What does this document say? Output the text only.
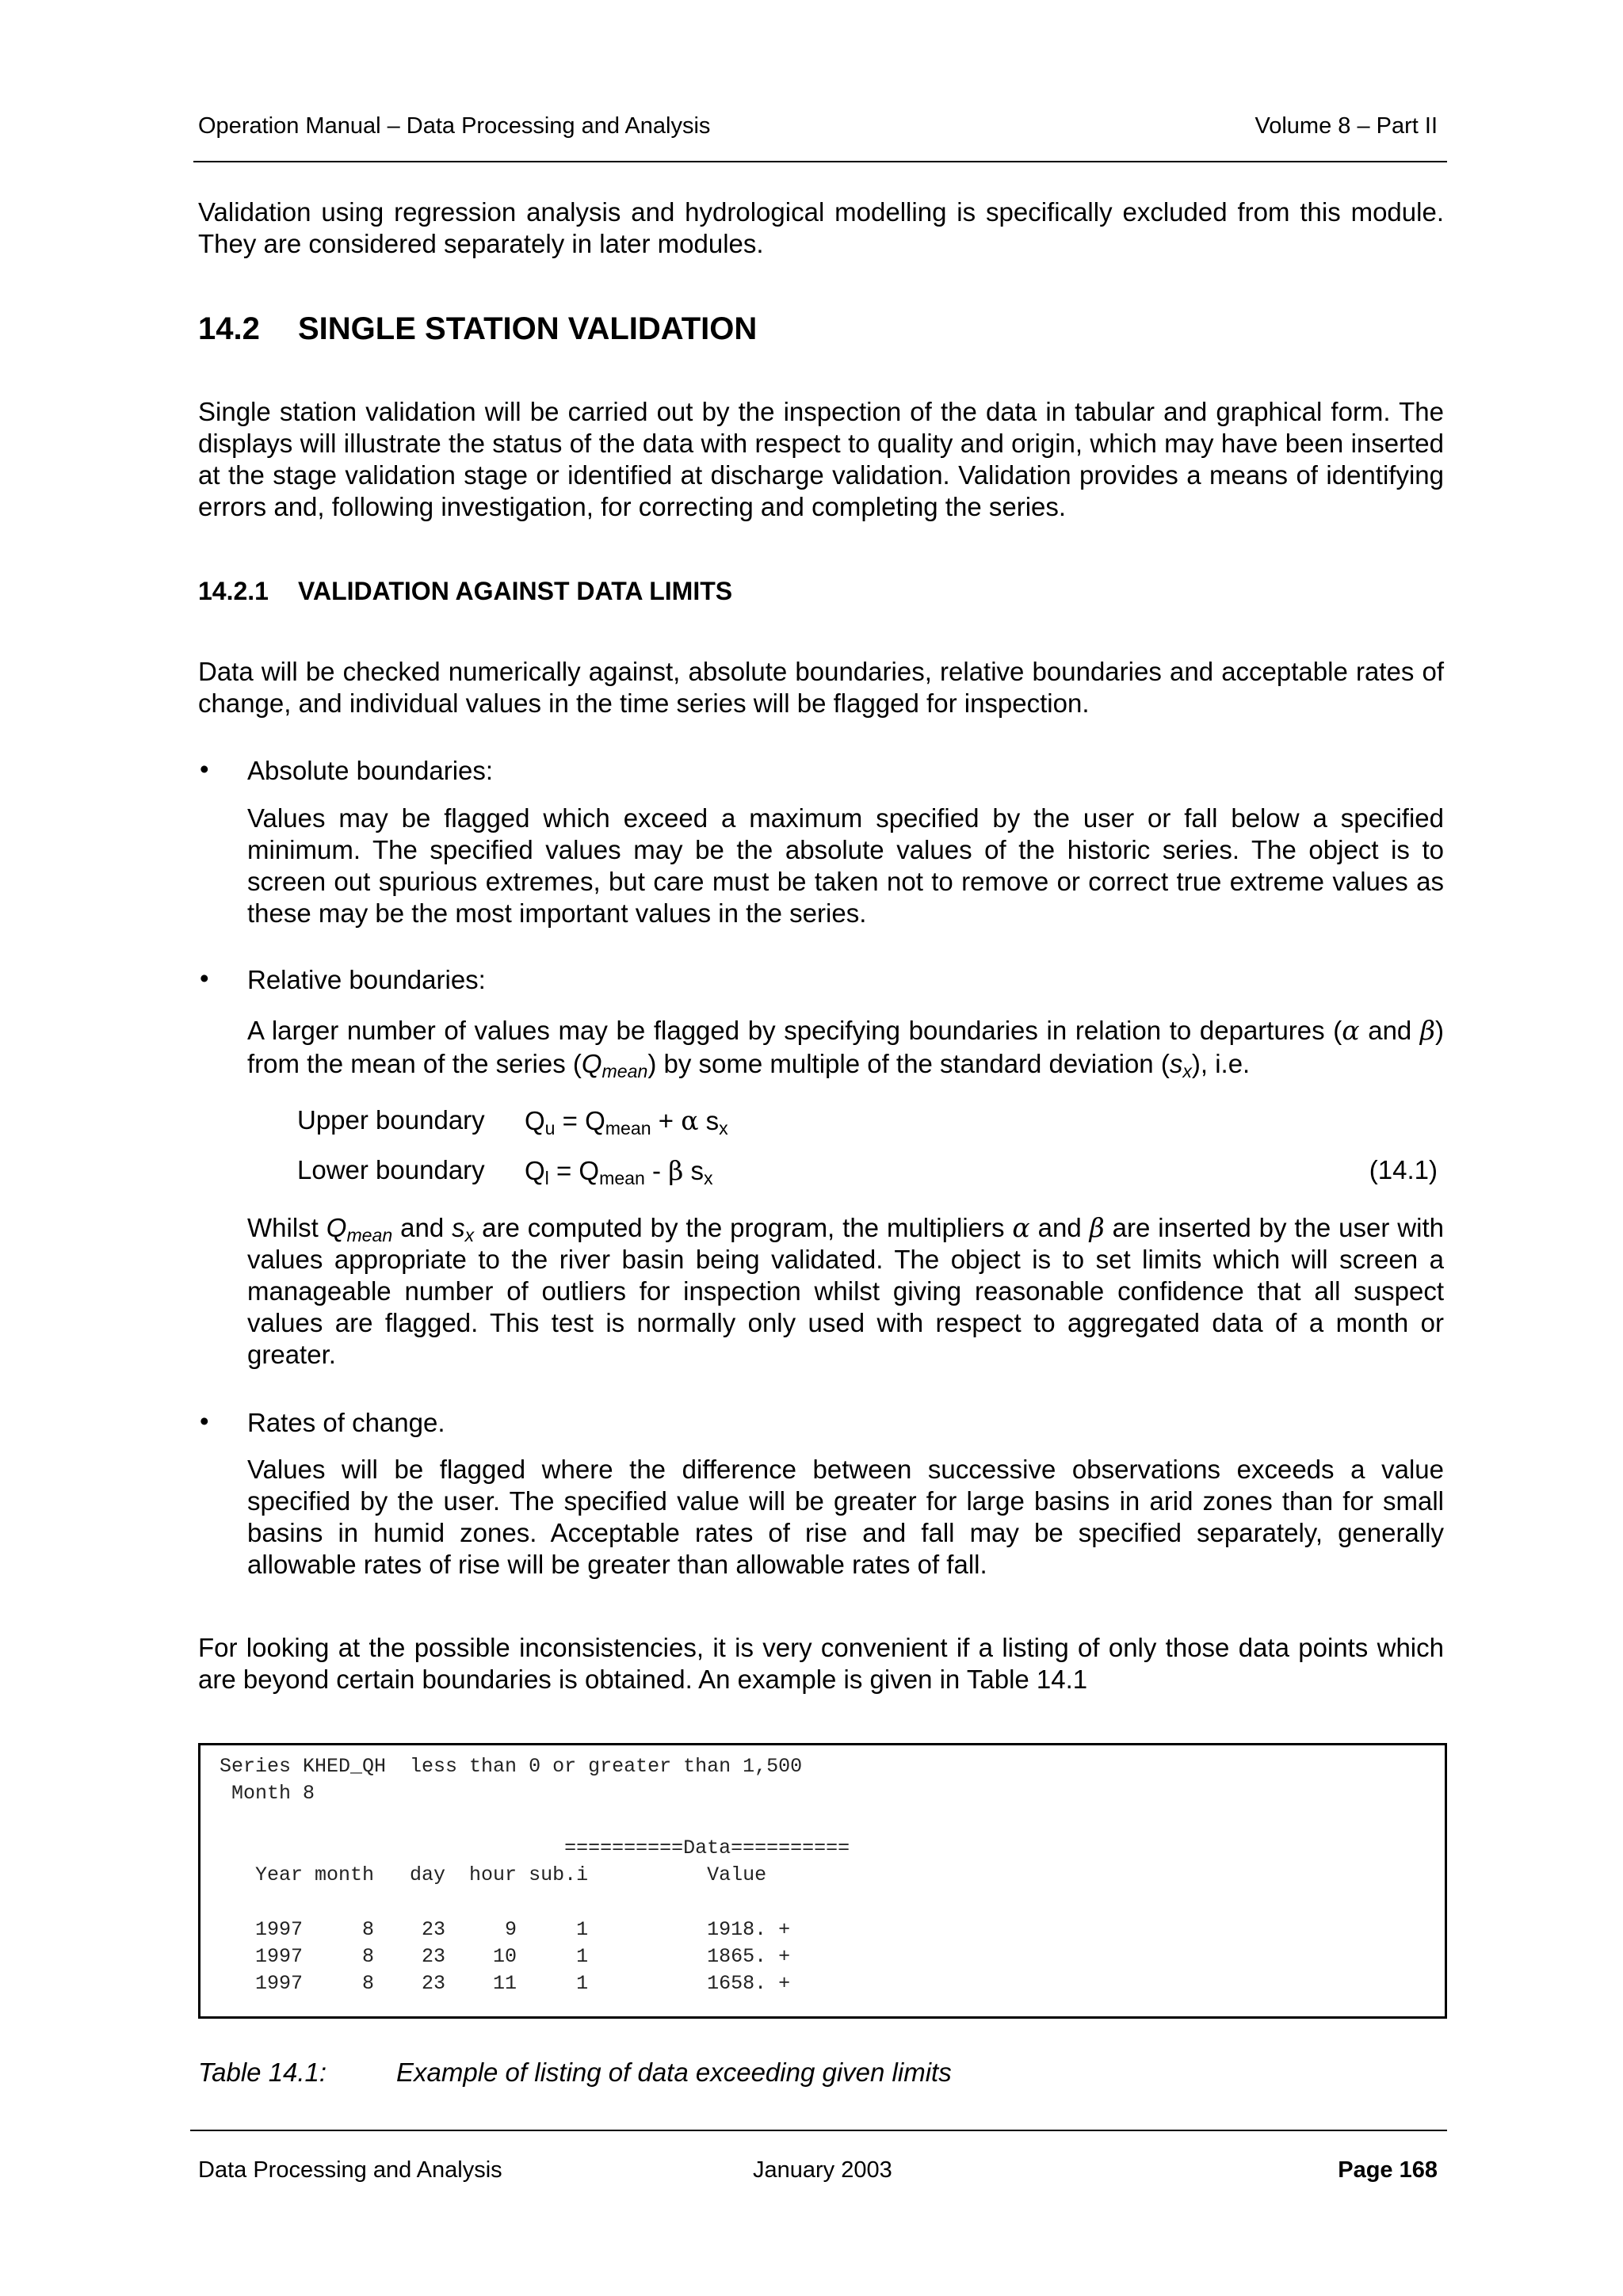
Operation Manual – Data Processing and Analysis	Volume 8 – Part II

Validation using regression analysis and hydrological modelling is specifically excluded from this module. They are considered separately in later modules.

14.2 SINGLE STATION VALIDATION

Single station validation will be carried out by the inspection of the data in tabular and graphical form. The displays will illustrate the status of the data with respect to quality and origin, which may have been inserted at the stage validation stage or identified at discharge validation. Validation provides a means of identifying errors and, following investigation, for correcting and completing the series.

14.2.1 VALIDATION AGAINST DATA LIMITS

Data will be checked numerically against, absolute boundaries, relative boundaries and acceptable rates of change, and individual values in the time series will be flagged for inspection.

• Absolute boundaries:

Values may be flagged which exceed a maximum specified by the user or fall below a specified minimum. The specified values may be the absolute values of the historic series. The object is to screen out spurious extremes, but care must be taken not to remove or correct true extreme values as these may be the most important values in the series.

• Relative boundaries:

A larger number of values may be flagged by specifying boundaries in relation to departures (α and β) from the mean of the series $(Q_{mean})$ by some multiple of the standard deviation $(s_x)$, i.e.

Upper boundary $Q_u = Q_{mean} + \alpha$ $s_x$
Lower boundary $Q_l = Q_{mean} - \beta$ $s_x$	(14.1)

Whilst $Q_{mean}$ and $s_x$ are computed by the program, the multipliers α and β are inserted by the user with values appropriate to the river basin being validated. The object is to set limits which will screen a manageable number of outliers for inspection whilst giving reasonable confidence that all suspect values are flagged. This test is normally only used with respect to aggregated data of a month or greater.

• Rates of change.

Values will be flagged where the difference between successive observations exceeds a value specified by the user. The specified value will be greater for large basins in arid zones than for small basins in humid zones. Acceptable rates of rise and fall may be specified separately, generally allowable rates of rise will be greater than allowable rates of fall.

For looking at the possible inconsistencies, it is very convenient if a listing of only those data points which are beyond certain boundaries is obtained. An example is given in Table 14.1

Series KHED_QH  less than 0 or greater than 1,500
Month 8
==========Data==========
Year month   day  hour sub.i          Value
1997     8    23     9     1          1918. +
1997     8    23    10     1          1865. +
1997     8    23    11     1          1658. +
Table 14.1:	Example of listing of data exceeding given limits
Data Processing and Analysis	January 2003	Page 168
